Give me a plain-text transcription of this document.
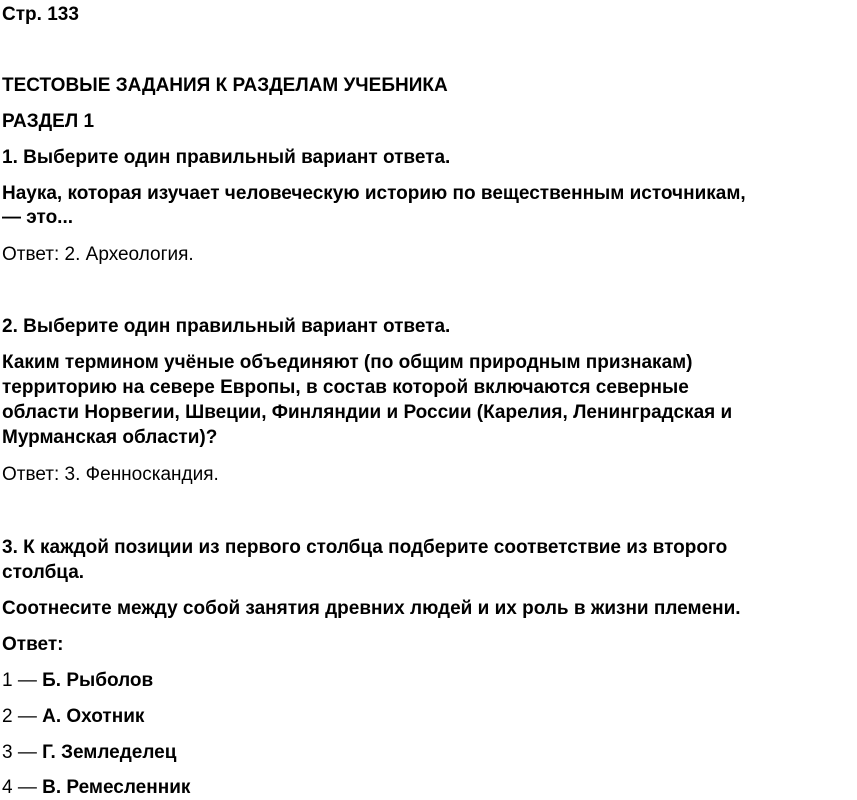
Стр. 133

ТЕСТОВЫЕ ЗАДАНИЯ К РАЗДЕЛАМ УЧЕБНИКА

РАЗДЕЛ 1

1. Выберите один правильный вариант ответа.

Наука, которая изучает человеческую историю по вещественным источникам,

— это...

Ответ: 2. Археология.

2. Выберите один правильный вариант ответа.

Каким термином учёные объединяют (по общим природным признакам)

территорию на севере Европы, в состав которой включаются северные

области Норвегии, Швеции, Финляндии и России (Карелия, Ленинградская и

Мурманская области)?

Ответ: 3. Фенноскандия.

3. К каждой позиции из первого столбца подберите соответствие из второго

столбца.

Соотнесите между собой занятия древних людей и их роль в жизни племени.

Ответ:

1 — Б. Рыболов

2 — А. Охотник

3 — Г. Земледелец

4 — В. Ремесленник
